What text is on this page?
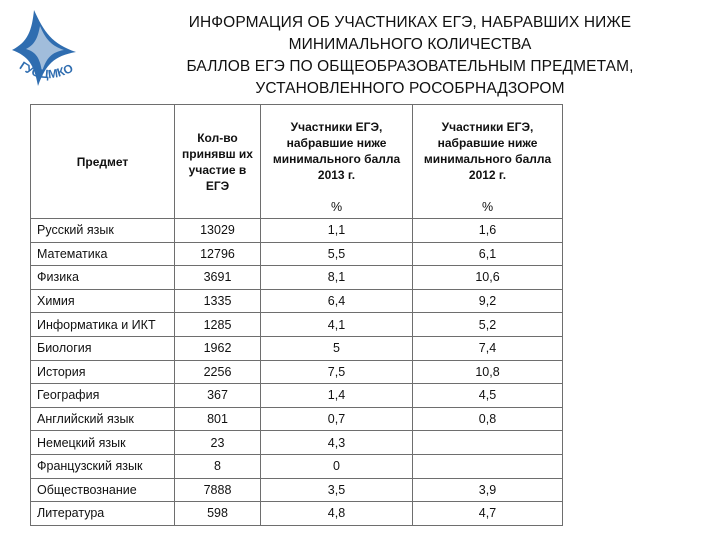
ГУОЦМКО
ИНФОРМАЦИЯ ОБ УЧАСТНИКАХ ЕГЭ, НАБРАВШИХ НИЖЕ
МИНИМАЛЬНОГО КОЛИЧЕСТВА
БАЛЛОВ ЕГЭ ПО ОБЩЕОБРАЗОВАТЕЛЬНЫМ ПРЕДМЕТАМ,
УСТАНОВЛЕННОГО РОСОБРНАДЗОРОМ
Предмет	Кол-во принявш их участие в ЕГЭ	Участники ЕГЭ, набравшие ниже минимального балла 2013 г.	Участники ЕГЭ, набравшие ниже минимального балла 2012 г.	

		%	%	
Русский язык	13029	1,1	1,6	
Математика	12796	5,5	6,1	
Физика	3691	8,1	10,6	
Химия	1335	6,4	9,2	
Информатика и ИКТ	1285	4,1	5,2	
Биология	1962	5	7,4	
История	2256	7,5	10,8	
География	367	1,4	4,5	
Английский язык	801	0,7	0,8	
Немецкий язык	23	4,3		
Французский язык	8	0		
Обществознание	7888	3,5	3,9	
Литература	598	4,8	4,7	
